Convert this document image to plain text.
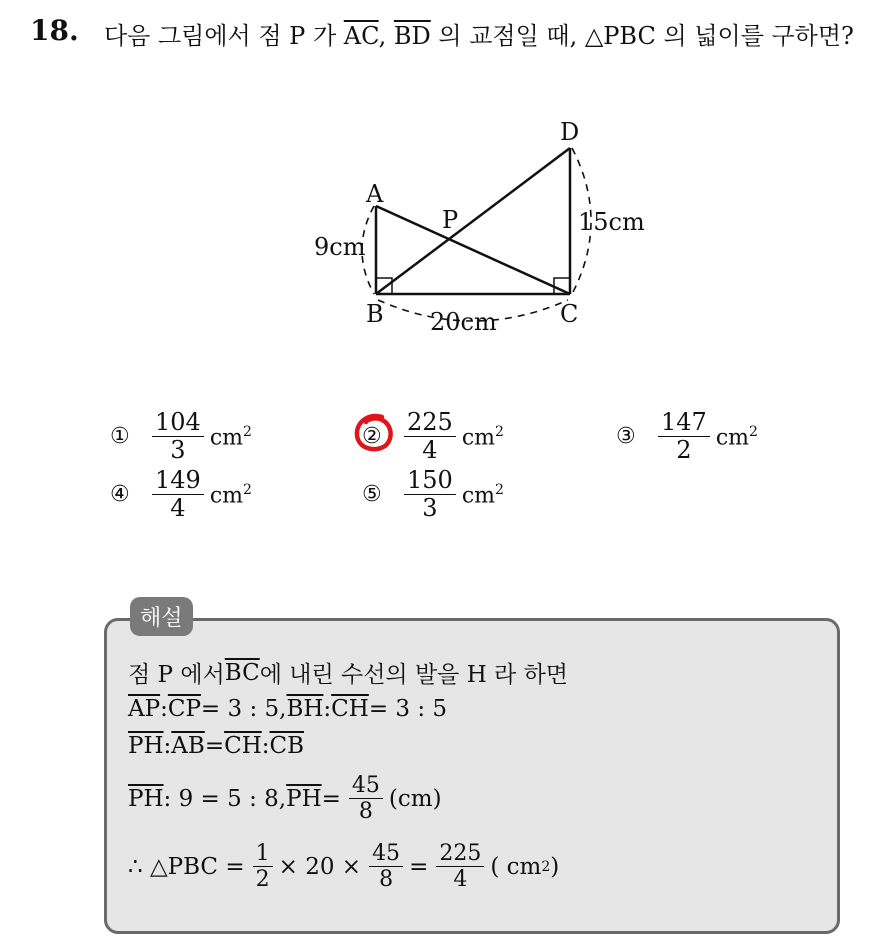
18. 다음 그림에서 점 P 가 $\overline{AC}$, $\overline{BD}$ 의 교점일 때, △PBC 의 넓이를 구하면?
A
B	C
D
P
9cm
20cm
15cm
① $\frac{104}{3} cm^2$	② $\frac{225}{4} cm^2$	③ $\frac{147}{2} cm^2$
④ $\frac{149}{4} cm^2$	⑤ $\frac{150}{3} cm^2$
해설
점 P 에서 $\overline{BC}$ 에 내린 수선의 발을 H 라 하면
$\overline{AP}$ : $\overline{CP} = 3$ : 5, $\overline{BH}$ : $\overline{CH} = 3$ : 5
$\overline{PH}$ : $\overline{AB} = \overline{CH}$ : $\overline{CB}$
$\overline{PH}$ : 9 = 5 : 8, $\overline{PH} = \frac{45}{8} (cm)$
∴ △PBC = $\frac{1}{2} \times 20 \times \frac{45}{8} = \frac{225}{4}$ ( cm 2 )
